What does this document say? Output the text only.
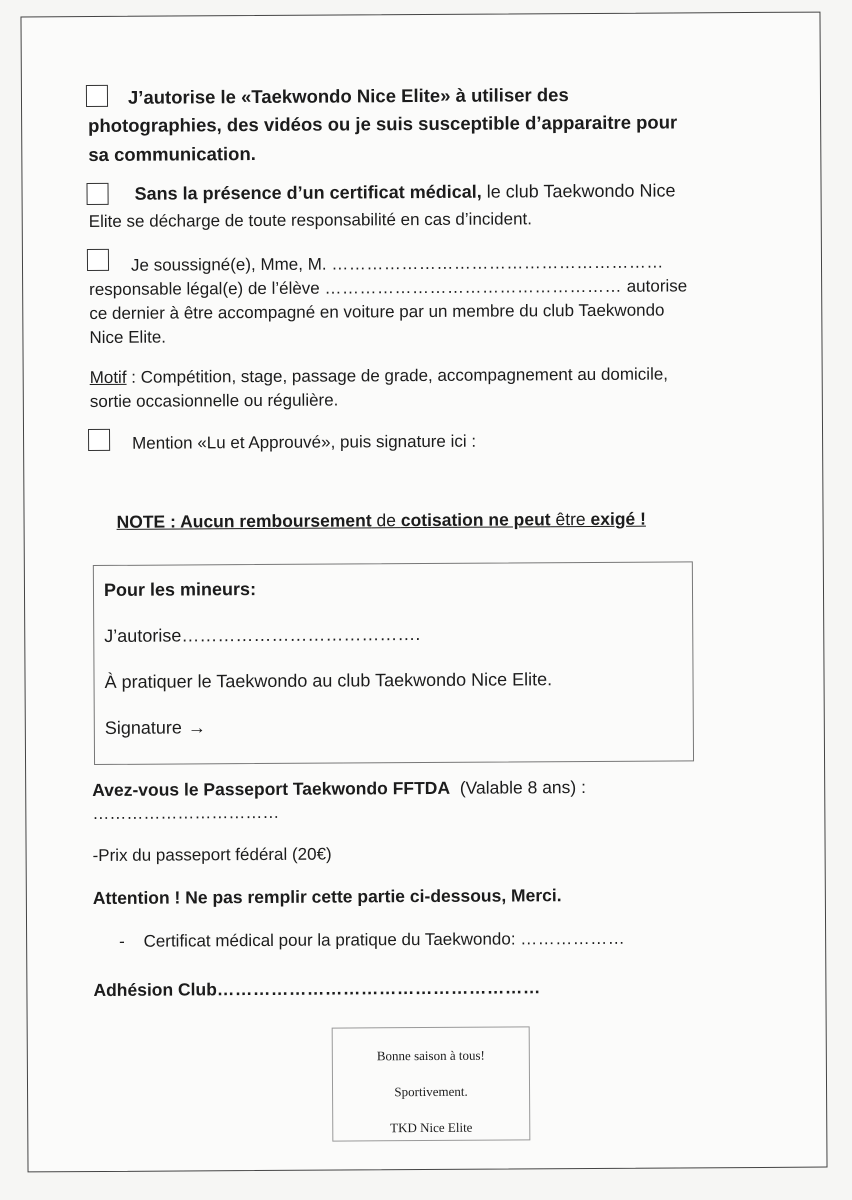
J’autorise le «Taekwondo Nice Elite» à utiliser des
photographies, des vidéos ou je suis susceptible d’apparaitre pour
sa communication.
Sans la présence d’un certificat médical, le club Taekwondo Nice
Elite se décharge de toute responsabilité en cas d’incident.
Je soussigné(e), Mme, M. …………………………………………………
responsable légal(e) de l’élève …………………………………………… autorise
ce dernier à être accompagné en voiture par un membre du club Taekwondo
Nice Elite.
Motif : Compétition, stage, passage de grade, accompagnement au domicile,
sortie occasionnelle ou régulière.
Mention «Lu et Approuvé», puis signature ici :
NOTE : Aucun remboursement de cotisation ne peut être exigé !
Pour les mineurs:
J’autorise………………………………….
À pratiquer le Taekwondo au club Taekwondo Nice Elite.
Signature →
Avez-vous le Passeport Taekwondo FFTDA (Valable 8 ans) :
……………………………
-Prix du passeport fédéral (20€)
Attention ! Ne pas remplir cette partie ci-dessous, Merci.
- Certificat médical pour la pratique du Taekwondo: ………………
Adhésion Club………………………………………………
Bonne saison à tous!
Sportivement.
TKD Nice Elite
